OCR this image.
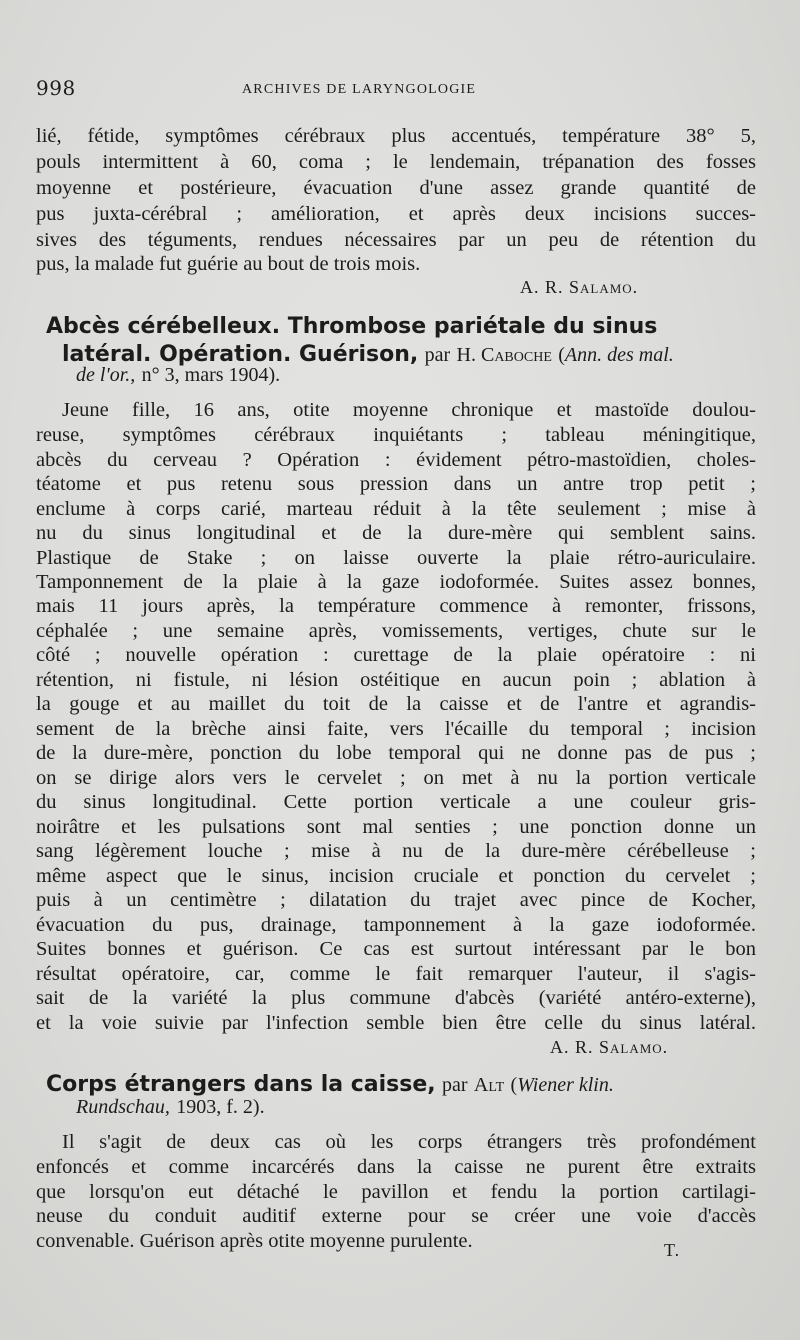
998	ARCHIVES DE LARYNGOLOGIE
lié, fétide, symptômes cérébraux plus accentués, température 38° 5,
pouls intermittent à 60, coma ; le lendemain, trépanation des fosses
moyenne et postérieure, évacuation d'une assez grande quantité de
pus juxta-cérébral ; amélioration, et après deux incisions succes-
sives des téguments, rendues nécessaires par un peu de rétention du
pus, la malade fut guérie au bout de trois mois.
A. R. Salamo.
Abcès cérébelleux. Thrombose pariétale du sinus
latéral. Opération. Guérison, par H. Caboche (Ann. des mal.
de l'or., n° 3, mars 1904).
Jeune fille, 16 ans, otite moyenne chronique et mastoïde doulou-
reuse, symptômes cérébraux inquiétants ; tableau méningitique,
abcès du cerveau ? Opération : évidement pétro-mastoïdien, choles-
téatome et pus retenu sous pression dans un antre trop petit ;
enclume à corps carié, marteau réduit à la tête seulement ; mise à
nu du sinus longitudinal et de la dure-mère qui semblent sains.
Plastique de Stake ; on laisse ouverte la plaie rétro-auriculaire.
Tamponnement de la plaie à la gaze iodoformée. Suites assez bonnes,
mais 11 jours après, la température commence à remonter, frissons,
céphalée ; une semaine après, vomissements, vertiges, chute sur le
côté ; nouvelle opération : curettage de la plaie opératoire : ni
rétention, ni fistule, ni lésion ostéitique en aucun poin ; ablation à
la gouge et au maillet du toit de la caisse et de l'antre et agrandis-
sement de la brèche ainsi faite, vers l'écaille du temporal ; incision
de la dure-mère, ponction du lobe temporal qui ne donne pas de pus ;
on se dirige alors vers le cervelet ; on met à nu la portion verticale
du sinus longitudinal. Cette portion verticale a une couleur gris-
noirâtre et les pulsations sont mal senties ; une ponction donne un
sang légèrement louche ; mise à nu de la dure-mère cérébelleuse ;
même aspect que le sinus, incision cruciale et ponction du cervelet ;
puis à un centimètre ; dilatation du trajet avec pince de Kocher,
évacuation du pus, drainage, tamponnement à la gaze iodoformée.
Suites bonnes et guérison. Ce cas est surtout intéressant par le bon
résultat opératoire, car, comme le fait remarquer l'auteur, il s'agis-
sait de la variété la plus commune d'abcès (variété antéro-externe),
et la voie suivie par l'infection semble bien être celle du sinus latéral.
A. R. Salamo.
Corps étrangers dans la caisse, par Alt (Wiener klin.
Rundschau, 1903, f. 2).
Il s'agit de deux cas où les corps étrangers très profondément
enfoncés et comme incarcérés dans la caisse ne purent être extraits
que lorsqu'on eut détaché le pavillon et fendu la portion cartilagi-
neuse du conduit auditif externe pour se créer une voie d'accès
convenable. Guérison après otite moyenne purulente.	T.
